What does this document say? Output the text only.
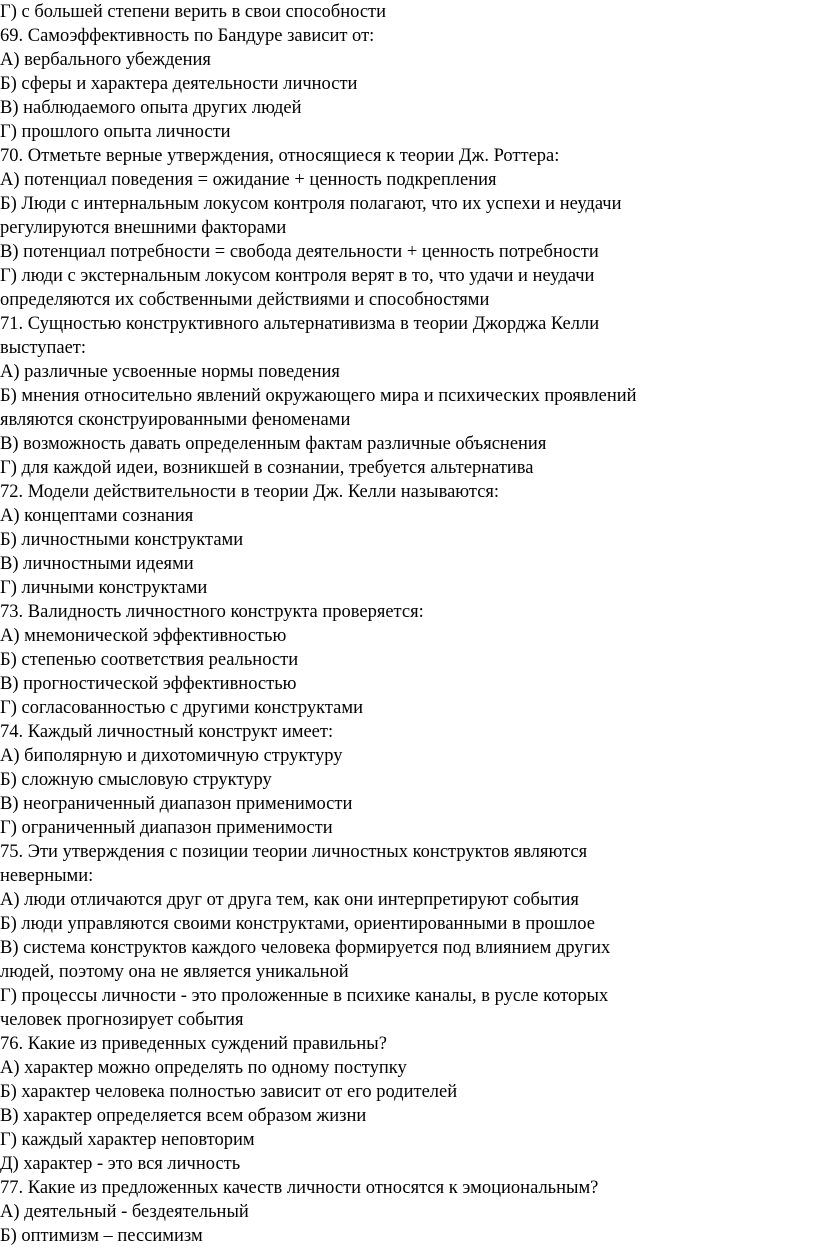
Г) с большей степени верить в свои способности
69. Самоэффективность по Бандуре зависит от:
А) вербального убеждения
Б) сферы и характера деятельности личности
В) наблюдаемого опыта других людей
Г) прошлого опыта личности
70. Отметьте верные утверждения, относящиеся к теории Дж. Роттера:
А) потенциал поведения = ожидание + ценность подкрепления
Б) Люди с интернальным локусом контроля полагают, что их успехи и неудачи
регулируются внешними факторами
В) потенциал потребности = свобода деятельности + ценность потребности
Г) люди с экстернальным локусом контроля верят в то, что удачи и неудачи
определяются их собственными действиями и способностями
71. Сущностью конструктивного альтернативизма в теории Джорджа Келли
выступает:
А) различные усвоенные нормы поведения
Б) мнения относительно явлений окружающего мира и психических проявлений
являются сконструированными феноменами
В) возможность давать определенным фактам различные объяснения
Г) для каждой идеи, возникшей в сознании, требуется альтернатива
72. Модели действительности в теории Дж. Келли называются:
А) концептами сознания
Б) личностными конструктами
В) личностными идеями
Г) личными конструктами
73. Валидность личностного конструкта проверяется:
А) мнемонической эффективностью
Б) степенью соответствия реальности
В) прогностической эффективностью
Г) согласованностью с другими конструктами
74. Каждый личностный конструкт имеет:
А) биполярную и дихотомичную структуру
Б) сложную смысловую структуру
В) неограниченный диапазон применимости
Г) ограниченный диапазон применимости
75. Эти утверждения с позиции теории личностных конструктов являются
неверными:
А) люди отличаются друг от друга тем, как они интерпретируют события
Б) люди управляются своими конструктами, ориентированными в прошлое
В) система конструктов каждого человека формируется под влиянием других
людей, поэтому она не является уникальной
Г) процессы личности - это проложенные в психике каналы, в русле которых
человек прогнозирует события
76. Какие из приведенных суждений правильны?
А) характер можно определять по одному поступку
Б) характер человека полностью зависит от его родителей
В) характер определяется всем образом жизни
Г) каждый характер неповторим
Д) характер - это вся личность
77. Какие из предложенных качеств личности относятся к эмоциональным?
А) деятельный - бездеятельный
Б) оптимизм – пессимизм
